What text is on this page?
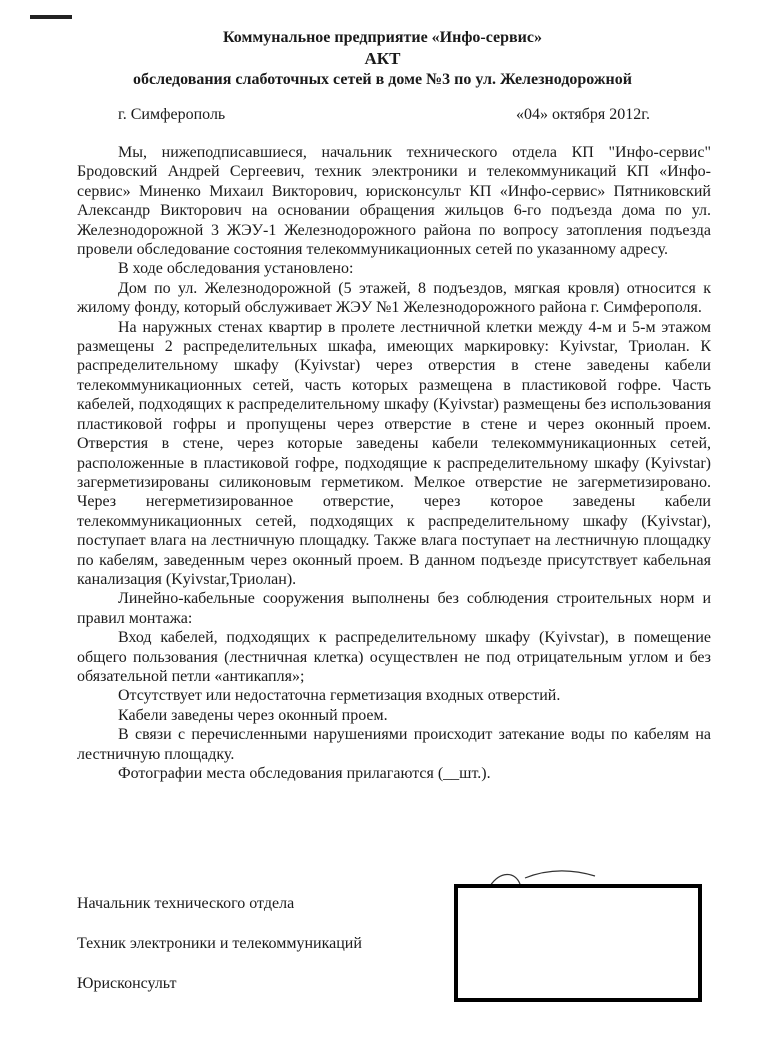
Коммунальное предприятие «Инфо-сервис»
АКТ
обследования слаботочных сетей в доме №3 по ул. Железнодорожной
г. Симферополь	«04» октября 2012г.

Мы, нижеподписавшиеся, начальник технического отдела КП "Инфо-сервис" Бродовский Андрей Сергеевич, техник электроники и телекоммуникаций КП «Инфо-сервис» Миненко Михаил Викторович, юрисконсульт КП «Инфо-сервис» Пятниковский Александр Викторович на основании обращения жильцов 6-го подъезда дома по ул. Железнодорожной 3 ЖЭУ-1 Железнодорожного района по вопросу затопления подъезда провели обследование состояния телекоммуникационных сетей по указанному адресу.

В ходе обследования установлено:

Дом по ул. Железнодорожной (5 этажей, 8 подъездов, мягкая кровля) относится к жилому фонду, который обслуживает ЖЭУ №1 Железнодорожного района г. Симферополя.

На наружных стенах квартир в пролете лестничной клетки между 4-м и 5-м этажом размещены 2 распределительных шкафа, имеющих маркировку: Kyivstar, Триолан. К распределительному шкафу (Kyivstar) через отверстия в стене заведены кабели телекоммуникационных сетей, часть которых размещена в пластиковой гофре. Часть кабелей, подходящих к распределительному шкафу (Kyivstar) размещены без использования пластиковой гофры и пропущены через отверстие в стене и через оконный проем. Отверстия в стене, через которые заведены кабели телекоммуникационных сетей, расположенные в пластиковой гофре, подходящие к распределительному шкафу (Kyivstar) загерметизированы силиконовым герметиком. Мелкое отверстие не загерметизировано. Через негерметизированное отверстие, через которое заведены кабели телекоммуникационных сетей, подходящих к распределительному шкафу (Kyivstar), поступает влага на лестничную площадку. Также влага поступает на лестничную площадку по кабелям, заведенным через оконный проем. В данном подъезде присутствует кабельная канализация (Kyivstar,Триолан).

Линейно-кабельные сооружения выполнены без соблюдения строительных норм и правил монтажа:

Вход кабелей, подходящих к распределительному шкафу (Kyivstar), в помещение общего пользования (лестничная клетка) осуществлен не под отрицательным углом и без обязательной петли «антикапля»;

Отсутствует или недостаточна герметизация входных отверстий.

Кабели заведены через оконный проем.

В связи с перечисленными нарушениями происходит затекание воды по кабелям на лестничную площадку.

Фотографии места обследования прилагаются (__шт.).

Начальник технического отдела
Техник электроники и телекоммуникаций
Юрисконсульт
